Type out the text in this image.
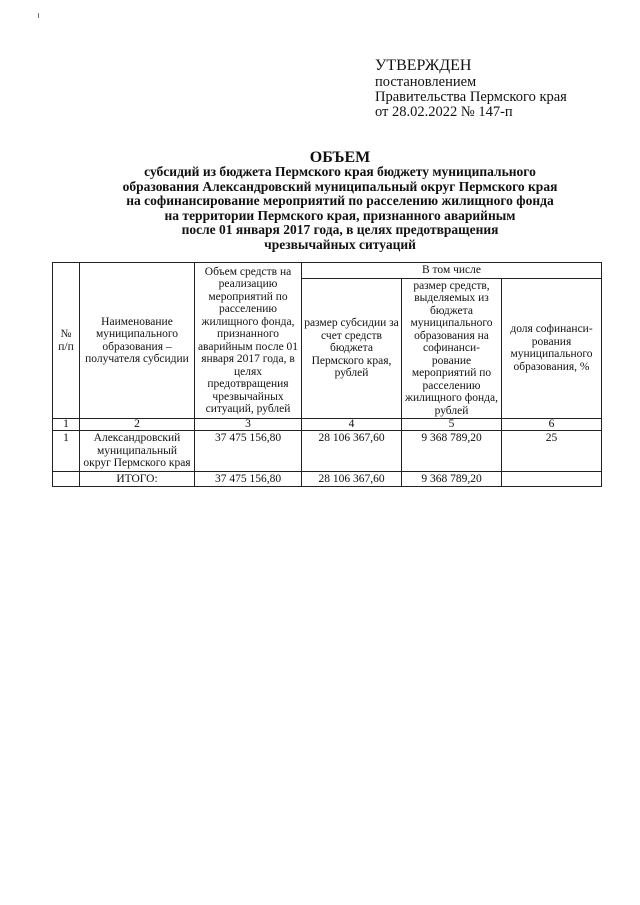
УТВЕРЖДЕН
постановлением
Правительства Пермского края
от 28.02.2022 № 147-п
ОБЪЕМ
субсидий из бюджета Пермского края бюджету муниципального
образования Александровский муниципальный округ Пермского края
на софинансирование мероприятий по расселению жилищного фонда
на территории Пермского края, признанного аварийным
после 01 января 2017 года, в целях предотвращения
чрезвычайных ситуаций
№ п/п	Наименование муниципального образования – получателя субсидии	Объем средств на реализацию мероприятий по расселению жилищного фонда, признанного аварийным после 01 января 2017 года, в целях предотвращения чрезвычайных ситуаций, рублей	В том числе		
			размер субсидии за счет средств бюджета Пермского края, рублей	размер средств, выделяемых из бюджета муниципального образования на софинанси-рование мероприятий по расселению жилищного фонда, рублей	доля софинанси-рования муниципального образования, %
1	2	3	4	5	6
1	Александровский муниципальный округ Пермского края	37 475 156,80	28 106 367,60	9 368 789,20	25
	ИТОГО:	37 475 156,80	28 106 367,60	9 368 789,20	
